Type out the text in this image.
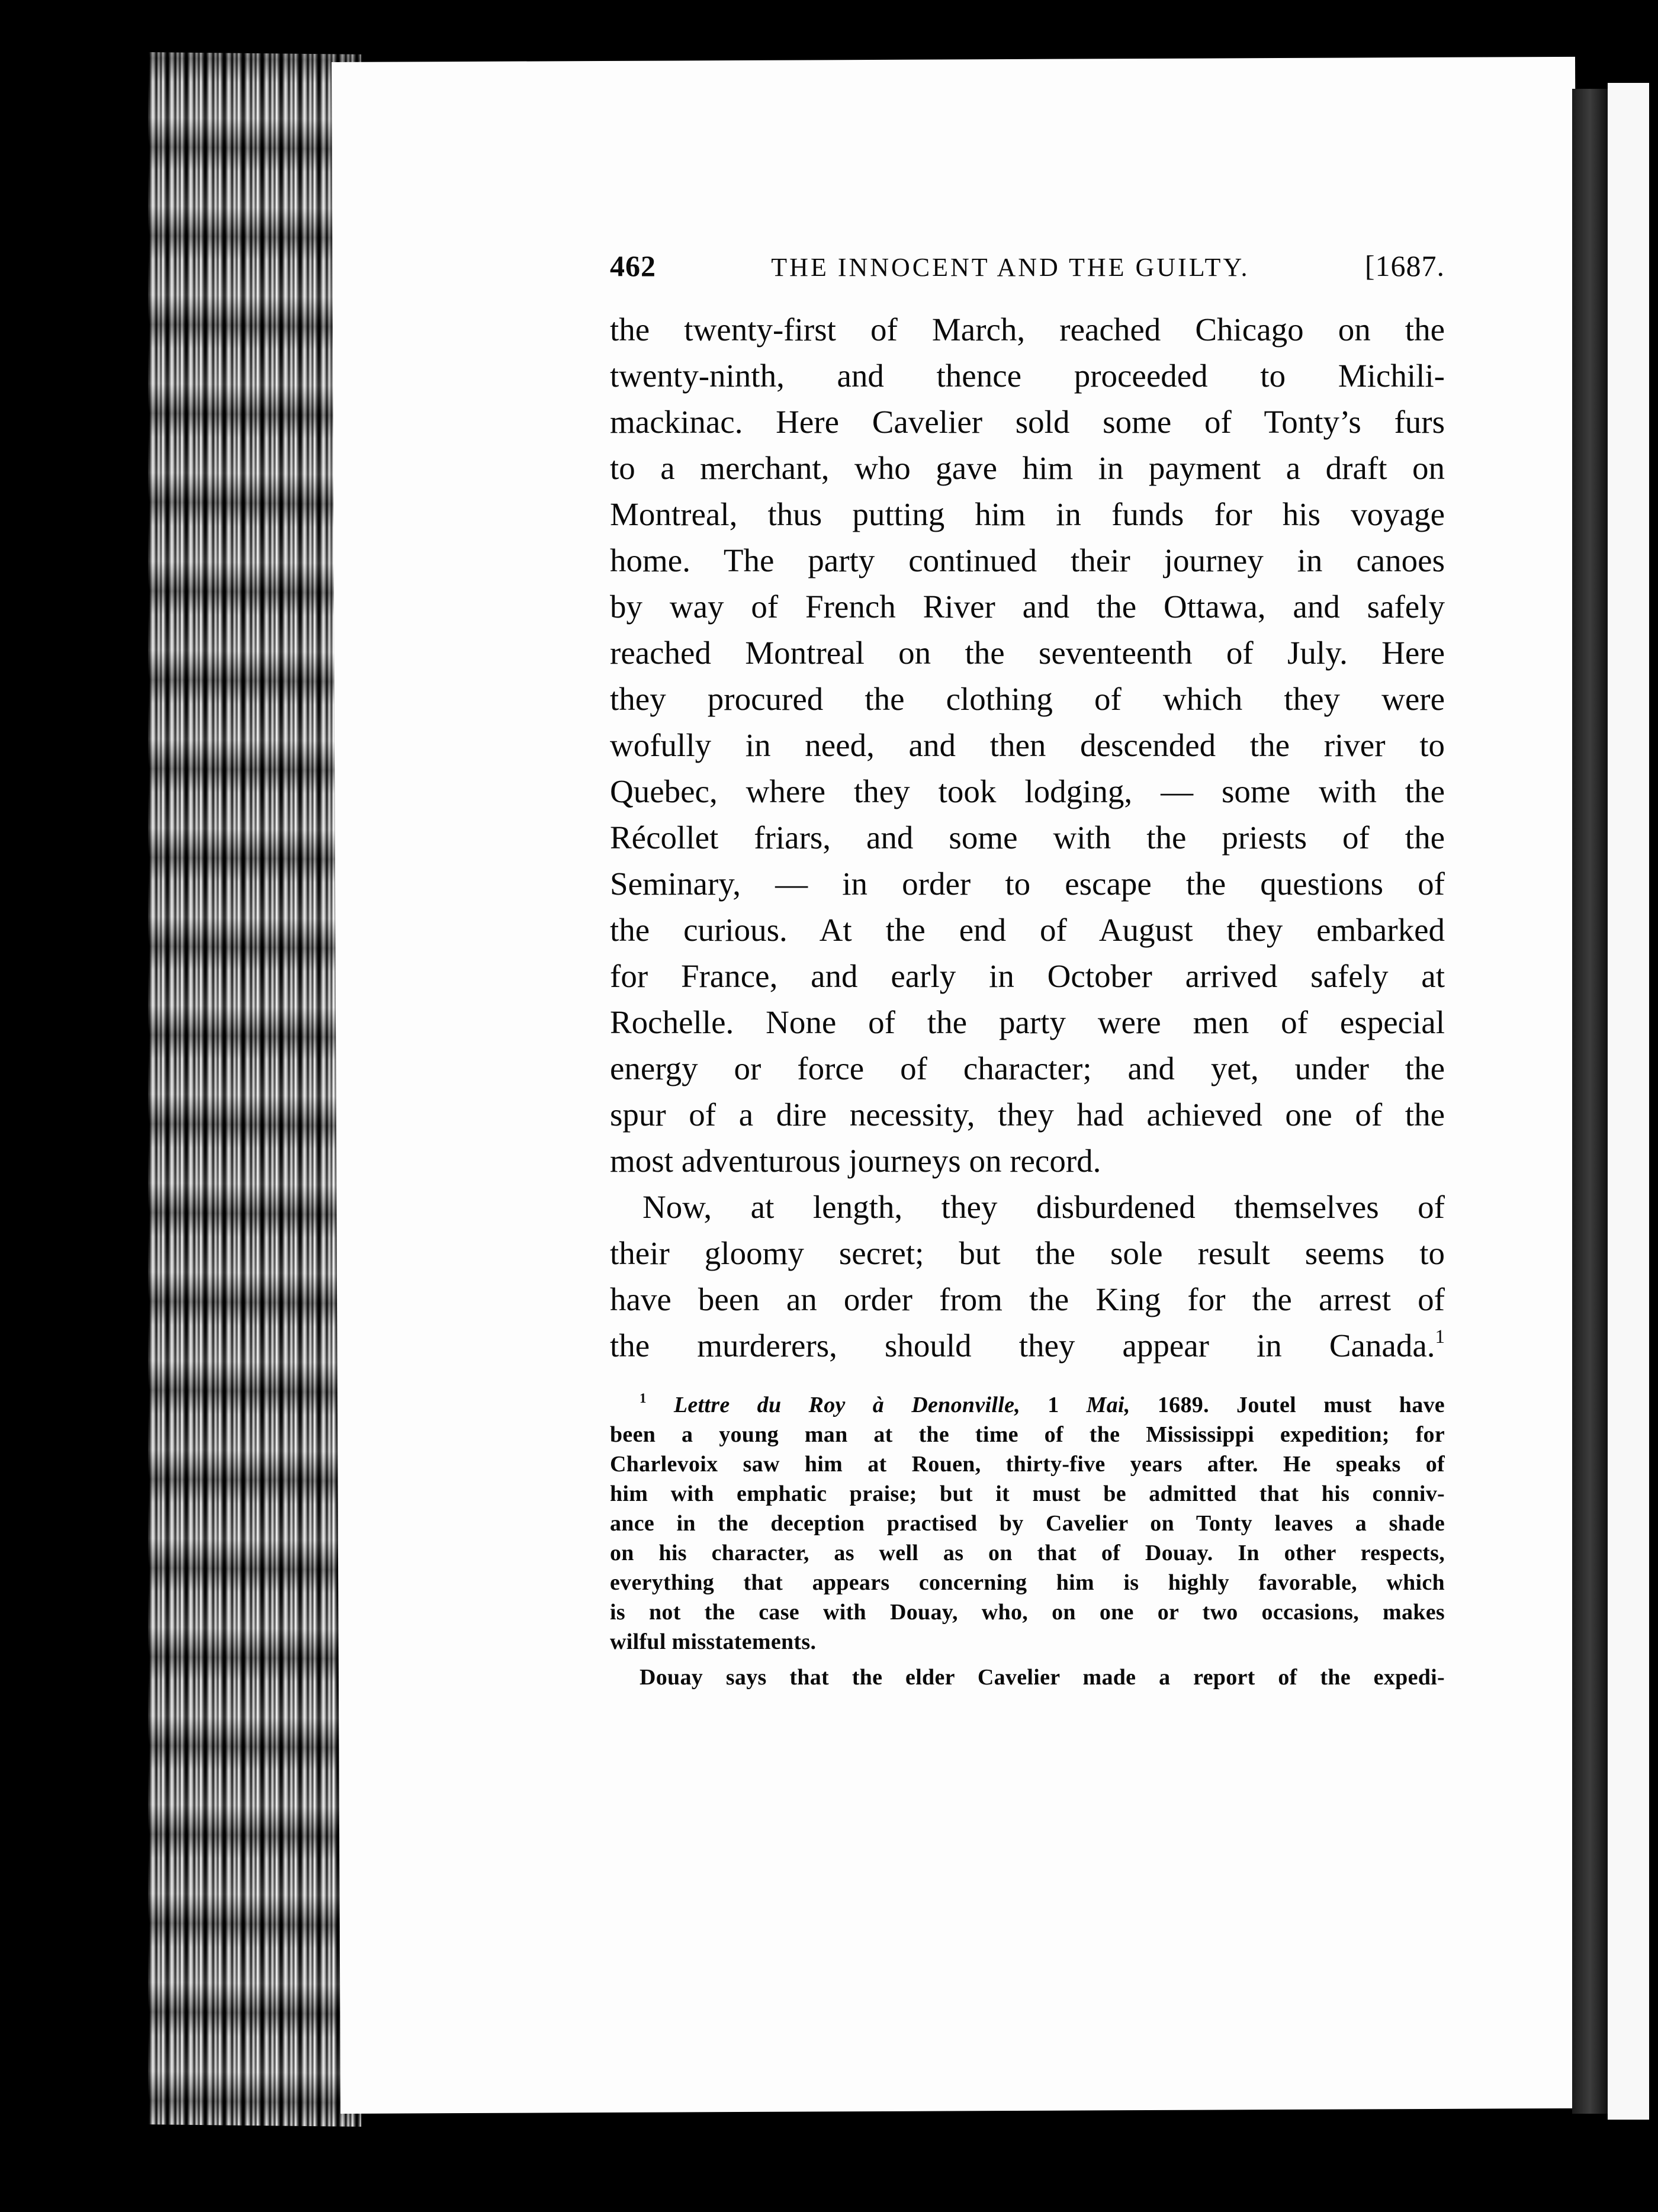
462	THE INNOCENT AND THE GUILTY.	[1687.
the twenty-first of March, reached Chicago on the
twenty-ninth, and thence proceeded to Michili-
mackinac. Here Cavelier sold some of Tonty’s furs
to a merchant, who gave him in payment a draft on
Montreal, thus putting him in funds for his voyage
home. The party continued their journey in canoes
by way of French River and the Ottawa, and safely
reached Montreal on the seventeenth of July. Here
they procured the clothing of which they were
wofully in need, and then descended the river to
Quebec, where they took lodging, — some with the
Récollet friars, and some with the priests of the
Seminary, — in order to escape the questions of
the curious. At the end of August they embarked
for France, and early in October arrived safely at
Rochelle. None of the party were men of especial
energy or force of character; and yet, under the
spur of a dire necessity, they had achieved one of the
most adventurous journeys on record.
Now, at length, they disburdened themselves of
their gloomy secret; but the sole result seems to
have been an order from the King for the arrest of
the murderers, should they appear in Canada.$^1$
$^1$ Lettre du Roy à Denonville, 1 Mai, 1689. Joutel must have
been a young man at the time of the Mississippi expedition; for
Charlevoix saw him at Rouen, thirty-five years after. He speaks of
him with emphatic praise; but it must be admitted that his conniv-
ance in the deception practised by Cavelier on Tonty leaves a shade
on his character, as well as on that of Douay. In other respects,
everything that appears concerning him is highly favorable, which
is not the case with Douay, who, on one or two occasions, makes
wilful misstatements.
Douay says that the elder Cavelier made a report of the expedi-
